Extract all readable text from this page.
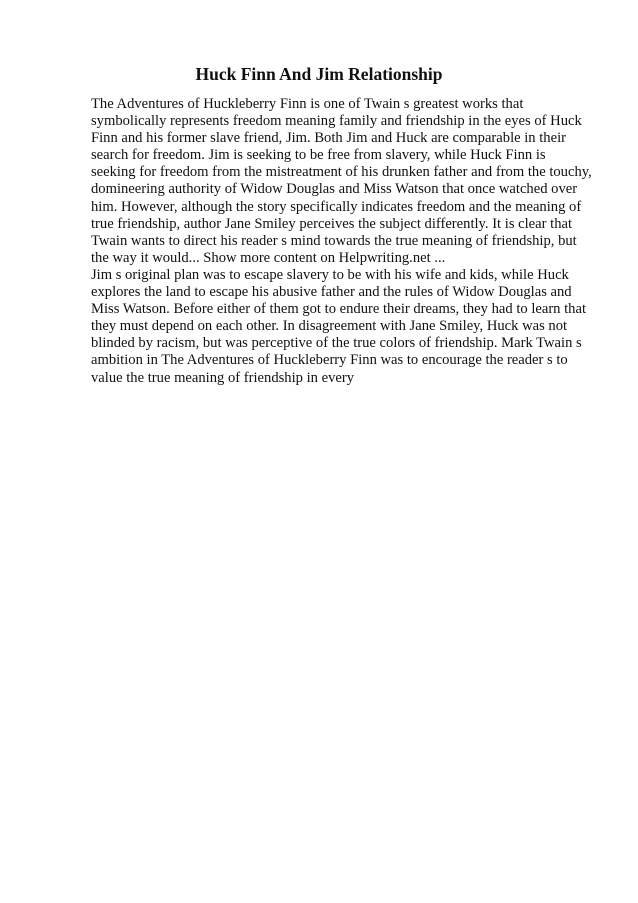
Huck Finn And Jim Relationship
The Adventures of Huckleberry Finn is one of Twain s greatest works that
symbolically represents freedom meaning family and friendship in the eyes of Huck
Finn and his former slave friend, Jim. Both Jim and Huck are comparable in their
search for freedom. Jim is seeking to be free from slavery, while Huck Finn is
seeking for freedom from the mistreatment of his drunken father and from the touchy,
domineering authority of Widow Douglas and Miss Watson that once watched over
him. However, although the story specifically indicates freedom and the meaning of
true friendship, author Jane Smiley perceives the subject differently. It is clear that
Twain wants to direct his reader s mind towards the true meaning of friendship, but
the way it would... Show more content on Helpwriting.net ...
Jim s original plan was to escape slavery to be with his wife and kids, while Huck
explores the land to escape his abusive father and the rules of Widow Douglas and
Miss Watson. Before either of them got to endure their dreams, they had to learn that
they must depend on each other. In disagreement with Jane Smiley, Huck was not
blinded by racism, but was perceptive of the true colors of friendship. Mark Twain s
ambition in The Adventures of Huckleberry Finn was to encourage the reader s to
value the true meaning of friendship in every
